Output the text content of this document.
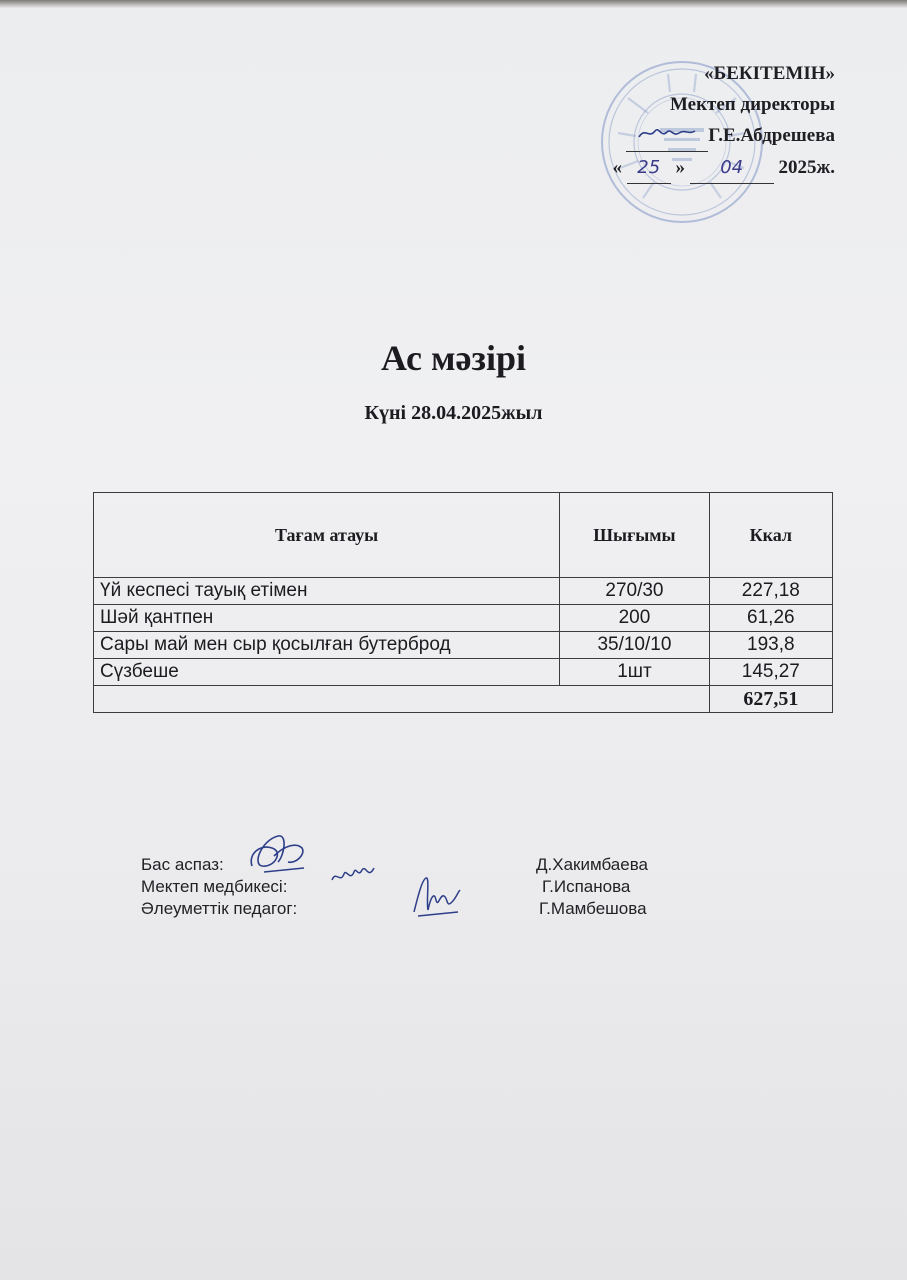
«БЕКІТЕМІН»
Мектеп директоры
Г.Е.Абдрешева
« 25 » 04 2025ж.
Ас мәзірі
Күні 28.04.2025жыл
Тағам атауы	Шығымы	Ккал
Үй кеспесі тауық етімен	270/30	227,18
Шәй қантпен	200	61,26
Сары май мен сыр қосылған бутерброд	35/10/10	193,8
Сүзбеше	1шт	145,27
		627,51
Бас аспаз:	Д.Хакимбаева
Мектеп медбикесі:	Г.Испанова
Әлеуметтік педагог:	Г.Мамбешова
